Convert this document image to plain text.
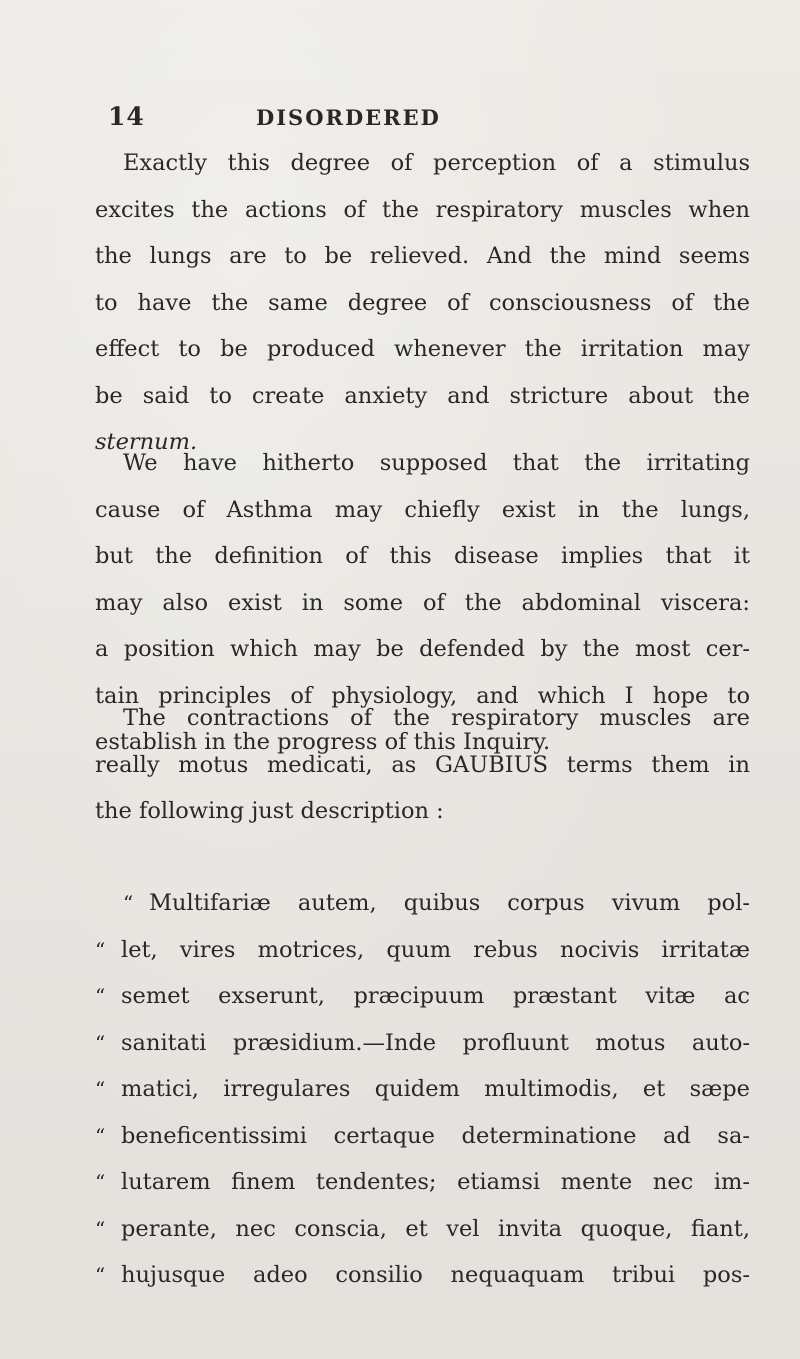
14	DISORDERED

Exactly this degree of perception of a stimulus
excites the actions of the respiratory muscles when
the lungs are to be relieved. And the mind seems
to have the same degree of consciousness of the
effect to be produced whenever the irritation may
be said to create anxiety and stricture about the
sternum.

We have hitherto supposed that the irritating
cause of Asthma may chiefly exist in the lungs,
but the definition of this disease implies that it
may also exist in some of the abdominal viscera:
a position which may be defended by the most cer-
tain principles of physiology, and which I hope to
establish in the progress of this Inquiry.

The contractions of the respiratory muscles are
really motus medicati, as GAUBIUS terms them in
the following just description :

“ Multifariæ autem, quibus corpus vivum pol-
“ let, vires motrices, quum rebus nocivis irritatæ
“ semet exserunt, præcipuum præstant vitæ ac
“ sanitati præsidium.—Inde profluunt motus auto-
“ matici, irregulares quidem multimodis, et sæpe
“ beneficentissimi certaque determinatione ad sa-
“ lutarem finem tendentes; etiamsi mente nec im-
“ perante, nec conscia, et vel invita quoque, fiant,
“ hujusque adeo consilio nequaquam tribui pos-
